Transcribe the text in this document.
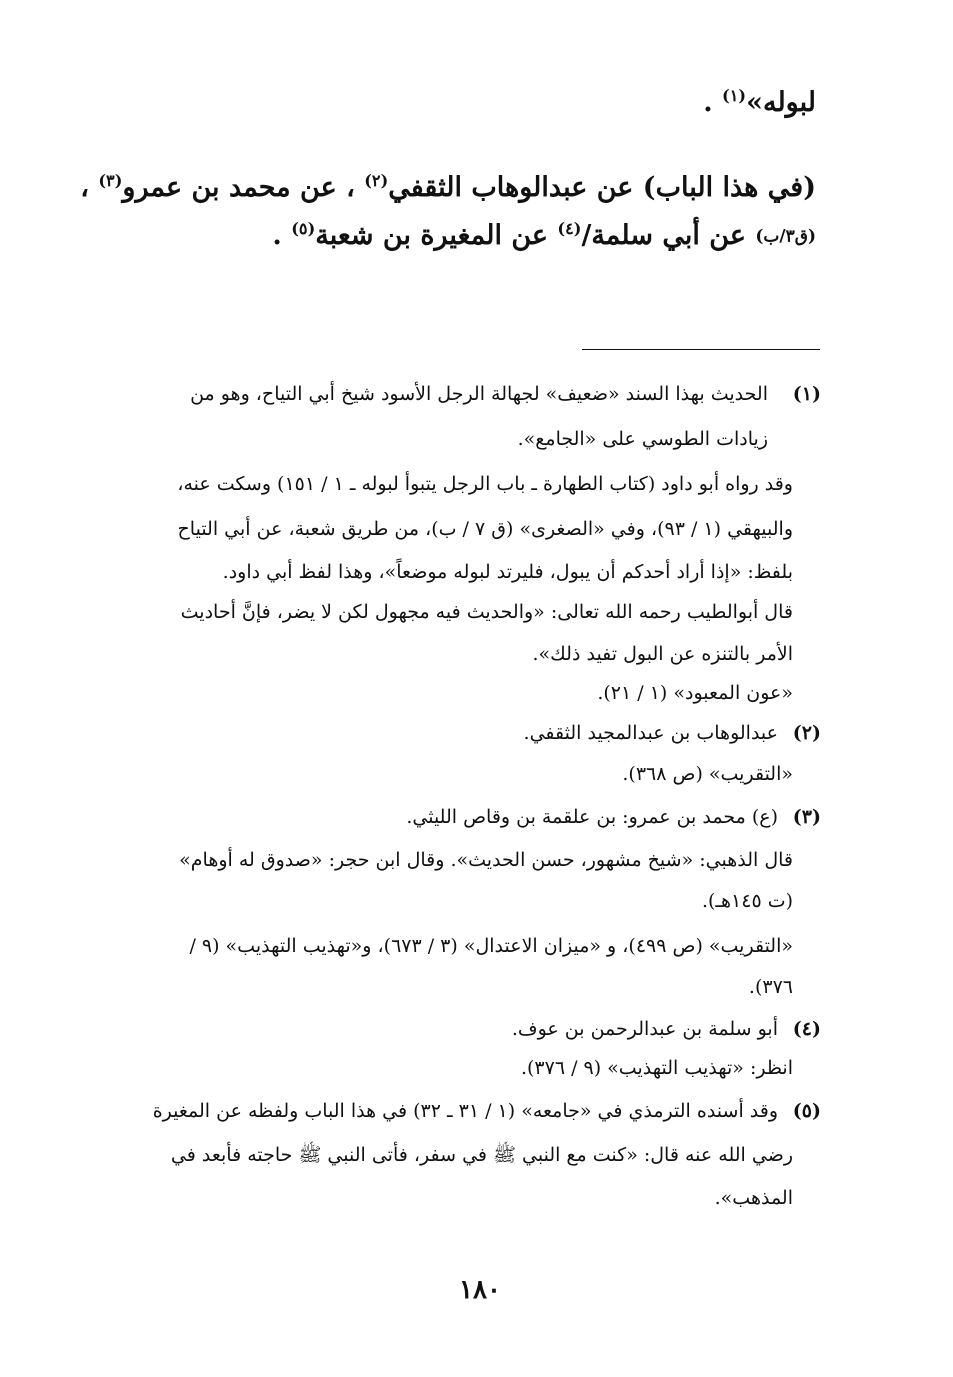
لبوله»$^{(١)}$ .
(في هذا الباب) عن عبدالوهاب الثقفي$^{(٢)}$ ، عن محمد بن عمرو$^{(٣)}$ ،
(ق٣/ب) عن أبي سلمة/$^{(٤)}$ عن المغيرة بن شعبة$^{(٥)}$ .
(١)
الحديث بهذا السند «ضعيف» لجهالة الرجل الأسود شيخ أبي التياح، وهو من
زيادات الطوسي على «الجامع».
وقد رواه أبو داود (كتاب الطهارة ـ باب الرجل يتبوأ لبوله ـ ١ / ١٥١) وسكت عنه،
والبيهقي (١ / ٩٣)، وفي «الصغرى» (ق ٧ / ب)، من طريق شعبة، عن أبي التياح
بلفظ: «إذا أراد أحدكم أن يبول، فليرتد لبوله موضعاً»، وهذا لفظ أبي داود.
قال أبوالطيب رحمه الله تعالى: «والحديث فيه مجهول لكن لا يضر، فإنَّ أحاديث
الأمر بالتنزه عن البول تفيد ذلك».
«عون المعبود» (١ / ٢١).
(٢)
عبدالوهاب بن عبدالمجيد الثقفي.
«التقريب» (ص ٣٦٨).
(٣)
(ع) محمد بن عمرو: بن علقمة بن وقاص الليثي.
قال الذهبي: «شيخ مشهور، حسن الحديث». وقال ابن حجر: «صدوق له أوهام»
(ت ١٤٥هـ).
«التقريب» (ص ٤٩٩)، و «ميزان الاعتدال» (٣ / ٦٧٣)، و«تهذيب التهذيب» (٩ /
٣٧٦).
(٤)
أبو سلمة بن عبدالرحمن بن عوف.
انظر: «تهذيب التهذيب» (٩ / ٣٧٦).
(٥)
وقد أسنده الترمذي في «جامعه» (١ / ٣١ ـ ٣٢) في هذا الباب ولفظه عن المغيرة
رضي الله عنه قال: «كنت مع النبي ﷺ في سفر، فأتى النبي ﷺ حاجته فأبعد في
المذهب».
١٨٠
